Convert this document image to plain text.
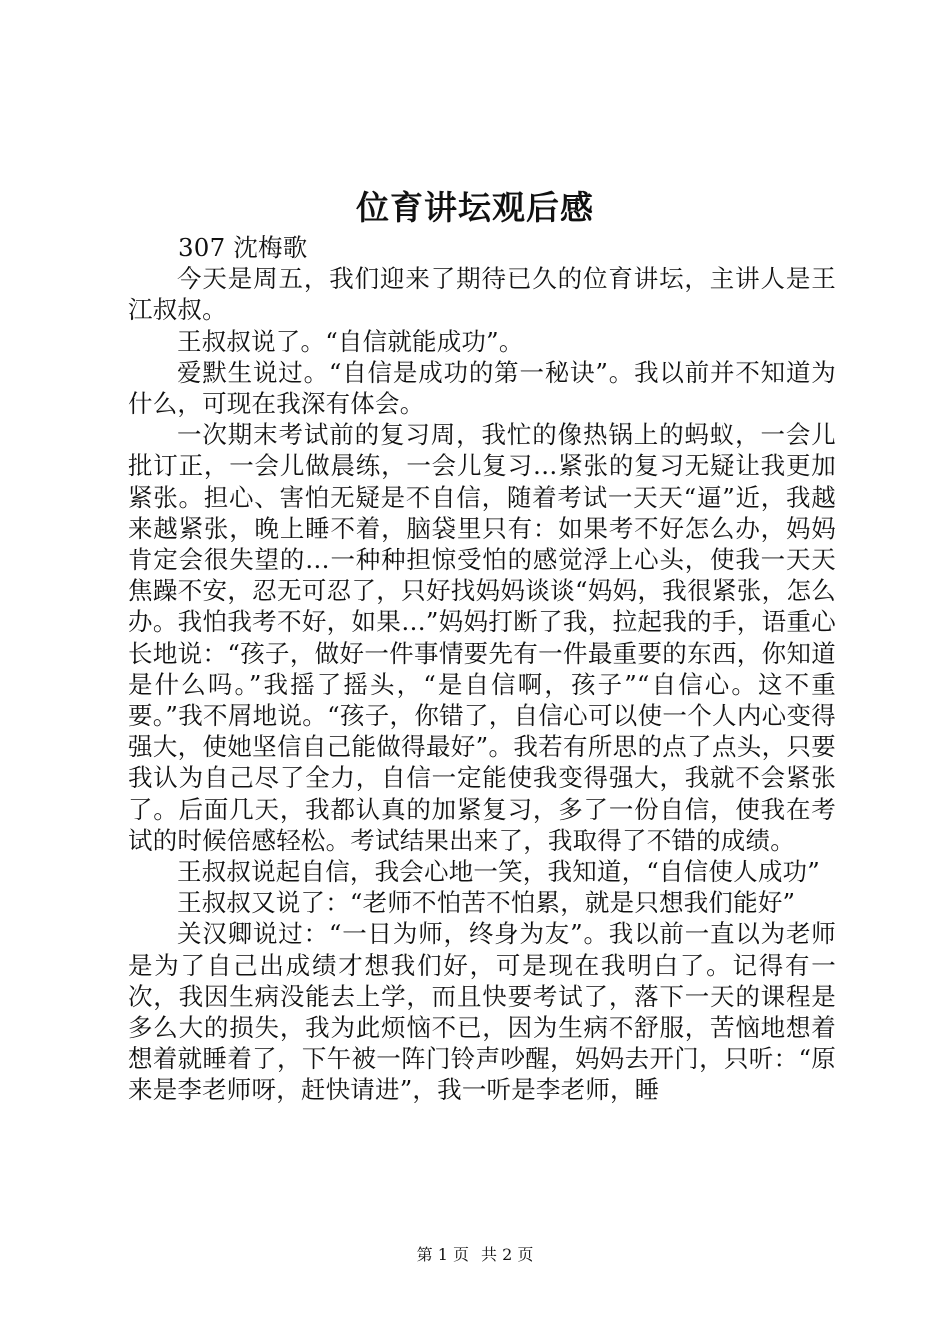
位育讲坛观后感

307 沈梅歌

今天是周五，我们迎来了期待已久的位育讲坛，主讲人是王江叔叔。

王叔叔说了。“自信就能成功”。

爱默生说过。“自信是成功的第一秘诀”。我以前并不知道为什么，可现在我深有体会。

一次期末考试前的复习周，我忙的像热锅上的蚂蚁，一会儿批订正，一会儿做晨练，一会儿复习…紧张的复习无疑让我更加紧张。担心、害怕无疑是不自信，随着考试一天天“逼”近，我越来越紧张，晚上睡不着，脑袋里只有：如果考不好怎么办，妈妈肯定会很失望的…一种种担惊受怕的感觉浮上心头，使我一天天焦躁不安，忍无可忍了，只好找妈妈谈谈“妈妈，我很紧张，怎么办。我怕我考不好，如果…”妈妈打断了我，拉起我的手，语重心长地说：“孩子，做好一件事情要先有一件最重要的东西，你知道是什么吗。”我摇了摇头，“是自信啊，孩子”“自信心。这不重要。”我不屑地说。“孩子，你错了，自信心可以使一个人内心变得强大，使她坚信自己能做得最好”。我若有所思的点了点头，只要我认为自己尽了全力，自信一定能使我变得强大，我就不会紧张了。后面几天，我都认真的加紧复习，多了一份自信，使我在考试的时候倍感轻松。考试结果出来了，我取得了不错的成绩。

王叔叔说起自信，我会心地一笑，我知道，“自信使人成功”

王叔叔又说了：“老师不怕苦不怕累，就是只想我们能好”

关汉卿说过：“一日为师，终身为友”。我以前一直以为老师是为了自己出成绩才想我们好，可是现在我明白了。记得有一次，我因生病没能去上学，而且快要考试了，落下一天的课程是多么大的损失，我为此烦恼不已，因为生病不舒服，苦恼地想着想着就睡着了，下午被一阵门铃声吵醒，妈妈去开门，只听：“原来是李老师呀，赶快请进”，我一听是李老师，睡

第 1 页 共 2 页
